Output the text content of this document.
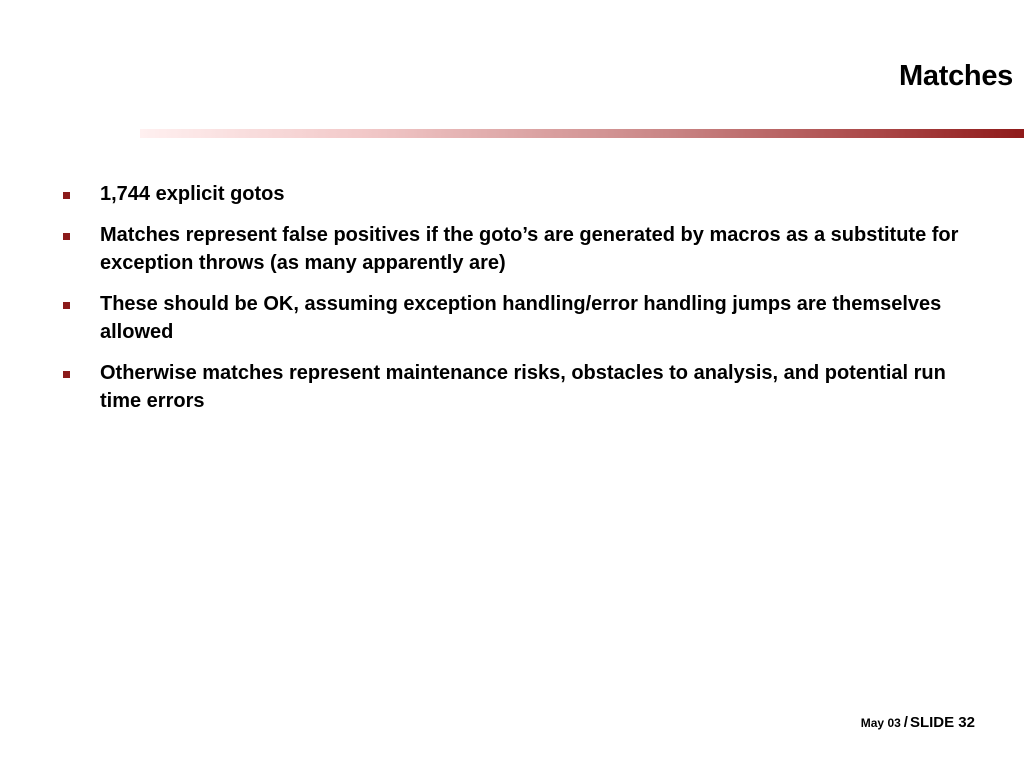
Matches
1,744 explicit gotos
Matches represent false positives if the goto’s are generated by macros as a substitute for exception throws (as many apparently are)
These should be OK, assuming exception handling/error handling jumps are themselves allowed
Otherwise matches represent maintenance risks, obstacles to analysis, and potential run time errors
May 03 / SLIDE 32
